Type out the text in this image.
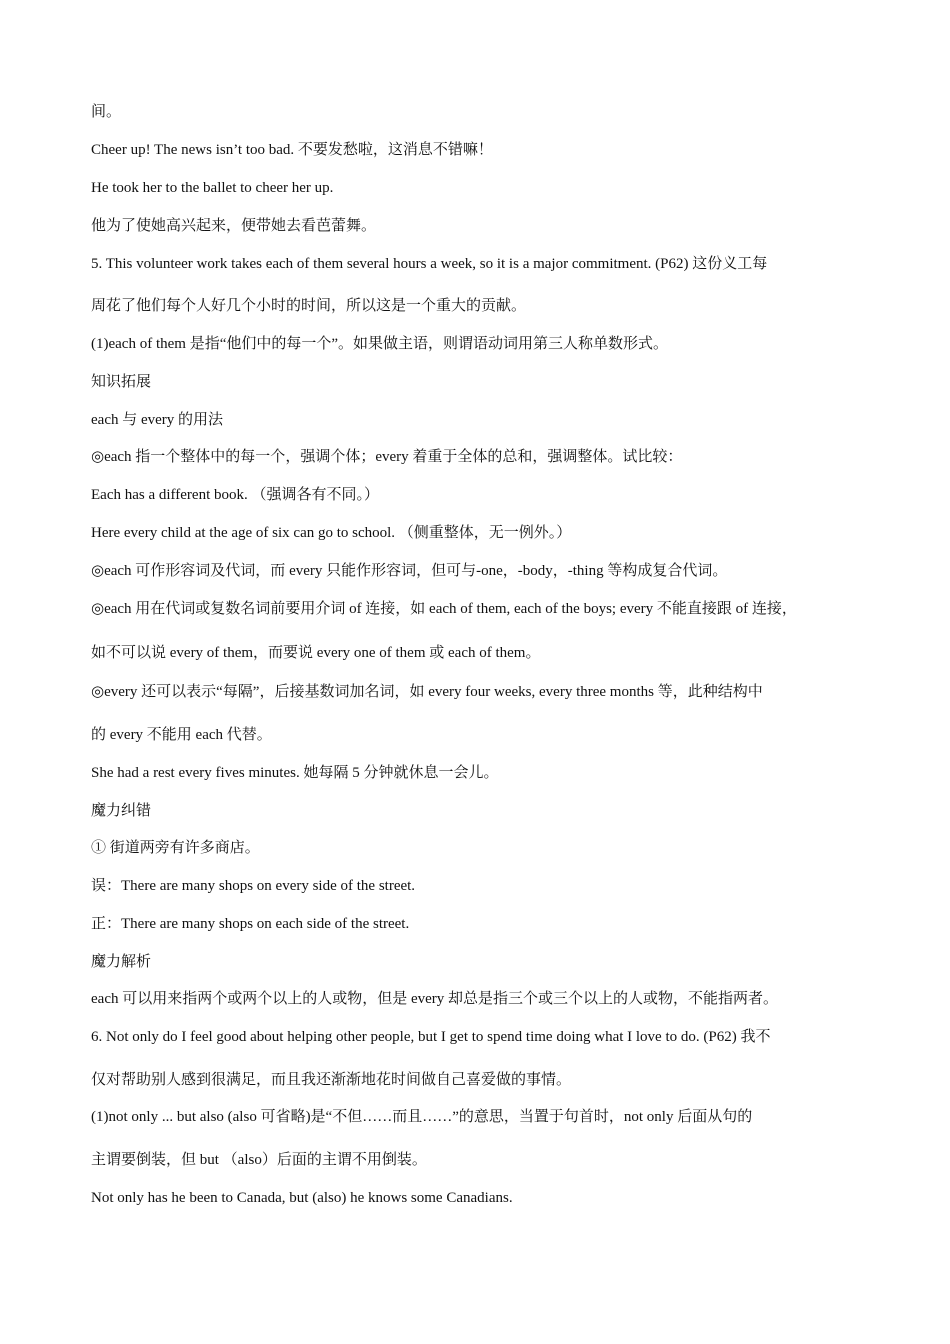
间。
Cheer up! The news isn’t too bad. 不要发愁啦，这消息不错嘛！
He took her to the ballet to cheer her up.
他为了使她高兴起来，便带她去看芭蕾舞。
5. This volunteer work takes each of them several hours a week, so it is a major commitment. (P62) 这份义工每
周花了他们每个人好几个小时的时间，所以这是一个重大的贡献。
(1)each of them 是指“他们中的每一个”。如果做主语，则谓语动词用第三人称单数形式。
知识拓展
each 与 every 的用法
◎each 指一个整体中的每一个，强调个体；every 着重于全体的总和，强调整体。试比较：
Each has a different book. （强调各有不同。）
Here every child at the age of six can go to school. （侧重整体，无一例外。）
◎each 可作形容词及代词，而 every 只能作形容词，但可与-one，-body，-thing 等构成复合代词。
◎each 用在代词或复数名词前要用介词 of 连接，如 each of them, each of the boys; every 不能直接跟 of 连接，
如不可以说 every of them，而要说 every one of them 或 each of them。
◎every 还可以表示“每隔”，后接基数词加名词，如 every four weeks, every three months 等，此种结构中
的 every 不能用 each 代替。
She had a rest every fives minutes. 她每隔 5 分钟就休息一会儿。
魔力纠错
① 街道两旁有许多商店。
误：There are many shops on every side of the street.
正：There are many shops on each side of the street.
魔力解析
each 可以用来指两个或两个以上的人或物，但是 every 却总是指三个或三个以上的人或物，不能指两者。
6. Not only do I feel good about helping other people, but I get to spend time doing what I love to do. (P62) 我不
仅对帮助别人感到很满足，而且我还渐渐地花时间做自己喜爱做的事情。
(1)not only ... but also (also 可省略)是“不但……而且……”的意思，当置于句首时，not only 后面从句的
主谓要倒装，但 but （also）后面的主谓不用倒装。
Not only has he been to Canada, but (also) he knows some Canadians.
